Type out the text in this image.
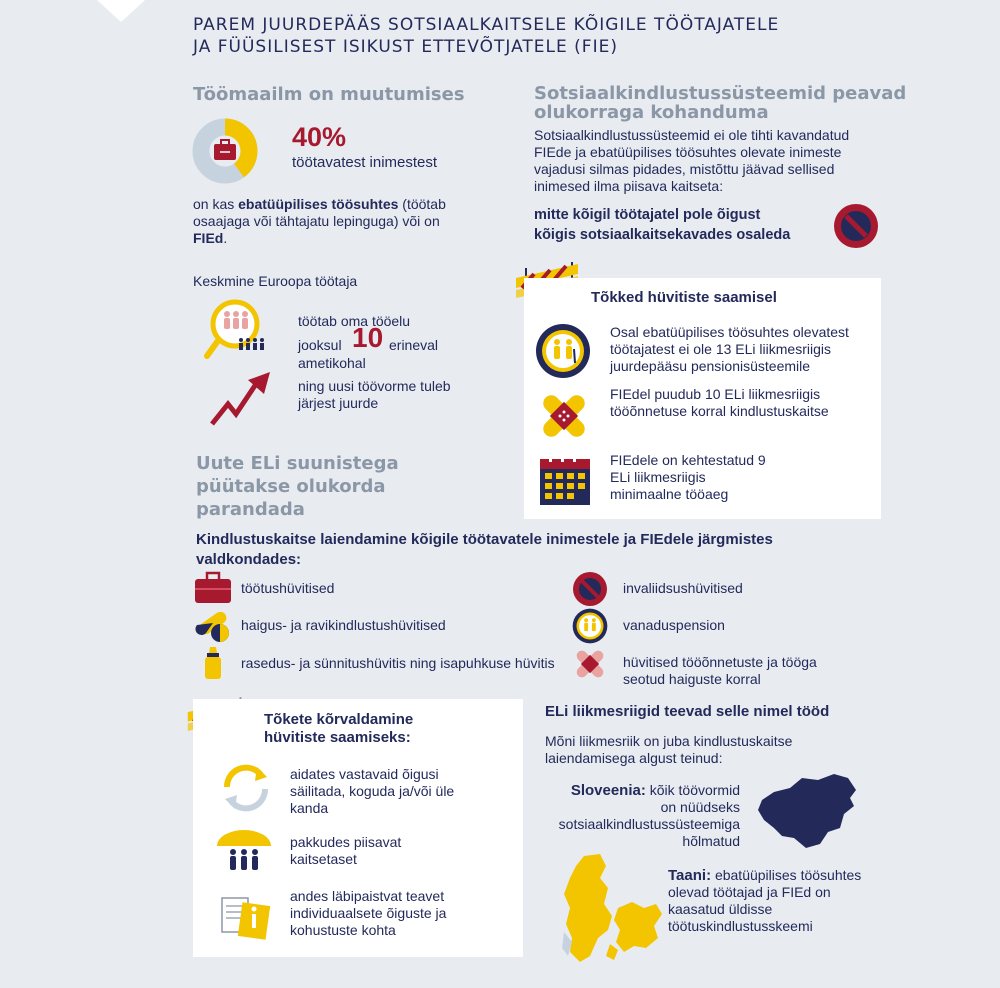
PAREM JUURDEPÄÄS SOTSIAALKAITSELE KÕIGILE TÖÖTAJATELE
JA FÜÜSILISEST ISIKUST ETTEVÕTJATELE (FIE)
Töömaailm on muutumises
40%
töötavatest inimestest
on kas ebatüüpilises töösuhtes (töötab osaajaga või tähtajatu lepinguga) või on FIEd.
Keskmine Euroopa töötaja
töötab oma tööelu
jooksul 10 erineval
ametikohal
ning uusi töövorme tuleb järjest juurde
Sotsiaalkindlustussüsteemid peavad
olukorraga kohanduma
Sotsiaalkindlustussüsteemid ei ole tihti kavandatud FIEde ja ebatüüpilises töösuhtes olevate inimeste vajadusi silmas pidades, mistõttu jäävad sellised inimesed ilma piisava kaitseta:
mitte kõigil töötajatel pole õigust
kõigis sotsiaalkaitsekavades osaleda
Tõkked hüvitiste saamisel
Osal ebatüüpilises töösuhtes olevatest töötajatest ei ole 13 ELi liikmesriigis juurdepääsu pensionisüsteemile
FIEdel puudub 10 ELi liikmesriigis tööõnnetuse korral kindlustuskaitse
FIEdele on kehtestatud 9 ELi liikmesriigis minimaalne tööaeg
Uute ELi suunistega
püütakse olukorda
parandada
Kindlustuskaitse laiendamine kõigile töötavatele inimestele ja FIEdele järgmistes
valdkondades:
töötushüvitised
haigus- ja ravikindlustushüvitised
rasedus- ja sünnitushüvitis ning isapuhkuse hüvitis
invaliidsushüvitised
vanaduspension
hüvitised tööõnnetuste ja tööga seotud haiguste korral
Tõkete kõrvaldamine
hüvitiste saamiseks:
aidates vastavaid õigusi säilitada, koguda ja/või üle kanda
pakkudes piisavat kaitsetaset
andes läbipaistvat teavet individuaalsete õiguste ja kohustuste kohta
ELi liikmesriigid teevad selle nimel tööd
Mõni liikmesriik on juba kindlustuskaitse laiendamisega algust teinud:
Sloveenia: kõik töövormid on nüüdseks sotsiaalkindlustussüsteemiga hõlmatud
Taani: ebatüüpilises töösuhtes olevad töötajad ja FIEd on kaasatud üldisse töötuskindlustusskeemi
